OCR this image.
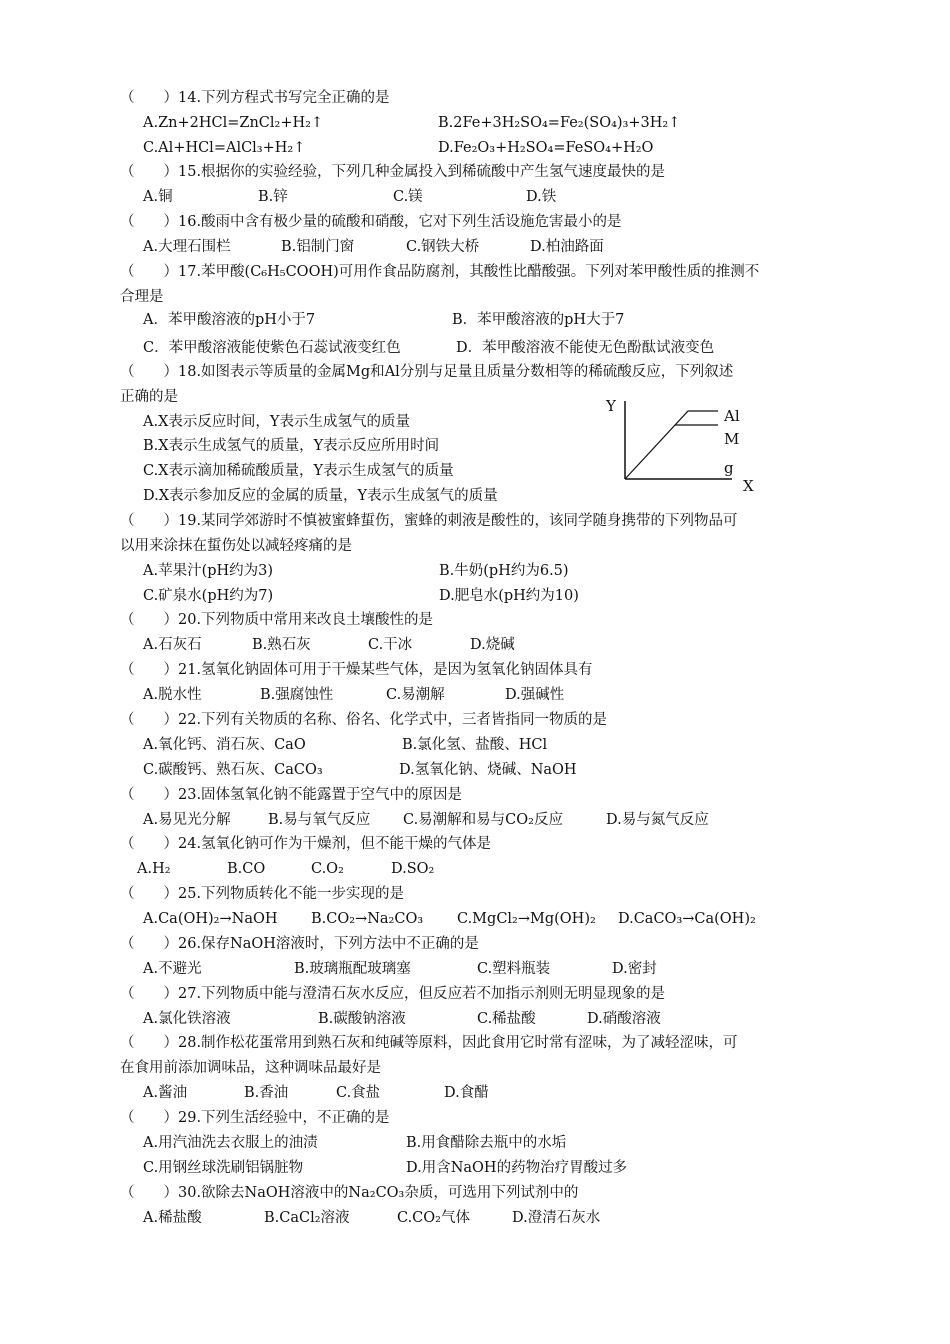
（　　）14.下列方程式书写完全正确的是
A.Zn+2HCl=ZnCl₂+H₂↑	B.2Fe+3H₂SO₄=Fe₂(SO₄)₃+3H₂↑
C.Al+HCl=AlCl₃+H₂↑	D.Fe₂O₃+H₂SO₄=FeSO₄+H₂O
（　　）15.根据你的实验经验，下列几种金属投入到稀硫酸中产生氢气速度最快的是
A.铜	B.锌	C.镁	D.铁
（　　）16.酸雨中含有极少量的硫酸和硝酸，它对下列生活设施危害最小的是
A.大理石围栏	B.铝制门窗	C.钢铁大桥	D.柏油路面
（　　）17.苯甲酸(C₆H₅COOH)可用作食品防腐剂，其酸性比醋酸强。下列对苯甲酸性质的推测不
合理是
A．苯甲酸溶液的pH小于7	B．苯甲酸溶液的pH大于7
C．苯甲酸溶液能使紫色石蕊试液变红色	D．苯甲酸溶液不能使无色酚酞试液变色
（　　）18.如图表示等质量的金属Mg和Al分别与足量且质量分数相等的稀硫酸反应，下列叙述
正确的是
A.X表示反应时间，Y表示生成氢气的质量
B.X表示生成氢气的质量，Y表示反应所用时间
C.X表示滴加稀硫酸质量，Y表示生成氢气的质量
D.X表示参加反应的金属的质量，Y表示生成氢气的质量
Y
Al
M
g
X
（　　）19.某同学郊游时不慎被蜜蜂蜇伤，蜜蜂的刺液是酸性的，该同学随身携带的下列物品可
以用来涂抹在蜇伤处以减轻疼痛的是
A.苹果汁(pH约为3)	B.牛奶(pH约为6.5)
C.矿泉水(pH约为7)	D.肥皂水(pH约为10)
（　　）20.下列物质中常用来改良土壤酸性的是
A.石灰石	B.熟石灰	C.干冰	D.烧碱
（　　）21.氢氧化钠固体可用于干燥某些气体，是因为氢氧化钠固体具有
A.脱水性	B.强腐蚀性	C.易潮解	D.强碱性
（　　）22.下列有关物质的名称、俗名、化学式中，三者皆指同一物质的是
A.氧化钙、消石灰、CaO	B.氯化氢、盐酸、HCl
C.碳酸钙、熟石灰、CaCO₃	D.氢氧化钠、烧碱、NaOH
（　　）23.固体氢氧化钠不能露置于空气中的原因是
A.易见光分解	B.易与氧气反应 C.易潮解和易与CO₂反应	D.易与氮气反应
（　　）24.氢氧化钠可作为干燥剂，但不能干燥的气体是
A.H₂	B.CO	C.O₂	D.SO₂
（　　）25.下列物质转化不能一步实现的是
A.Ca(OH)₂→NaOH B.CO₂→Na₂CO₃ C.MgCl₂→Mg(OH)₂ D.CaCO₃→Ca(OH)₂
（　　）26.保存NaOH溶液时，下列方法中不正确的是
A.不避光	B.玻璃瓶配玻璃塞	C.塑料瓶装	D.密封
（　　）27.下列物质中能与澄清石灰水反应，但反应若不加指示剂则无明显现象的是
A.氯化铁溶液	B.碳酸钠溶液	C.稀盐酸	D.硝酸溶液
（　　）28.制作松花蛋常用到熟石灰和纯碱等原料，因此食用它时常有涩味，为了减轻涩味，可
在食用前添加调味品，这种调味品最好是
A.酱油	B.香油	C.食盐	D.食醋
（　　）29.下列生活经验中，不正确的是
A.用汽油洗去衣服上的油渍	B.用食醋除去瓶中的水垢
C.用钢丝球洗刷铝锅脏物	D.用含NaOH的药物治疗胃酸过多
（　　）30.欲除去NaOH溶液中的Na₂CO₃杂质，可选用下列试剂中的
A.稀盐酸	B.CaCl₂溶液	C.CO₂气体	D.澄清石灰水
